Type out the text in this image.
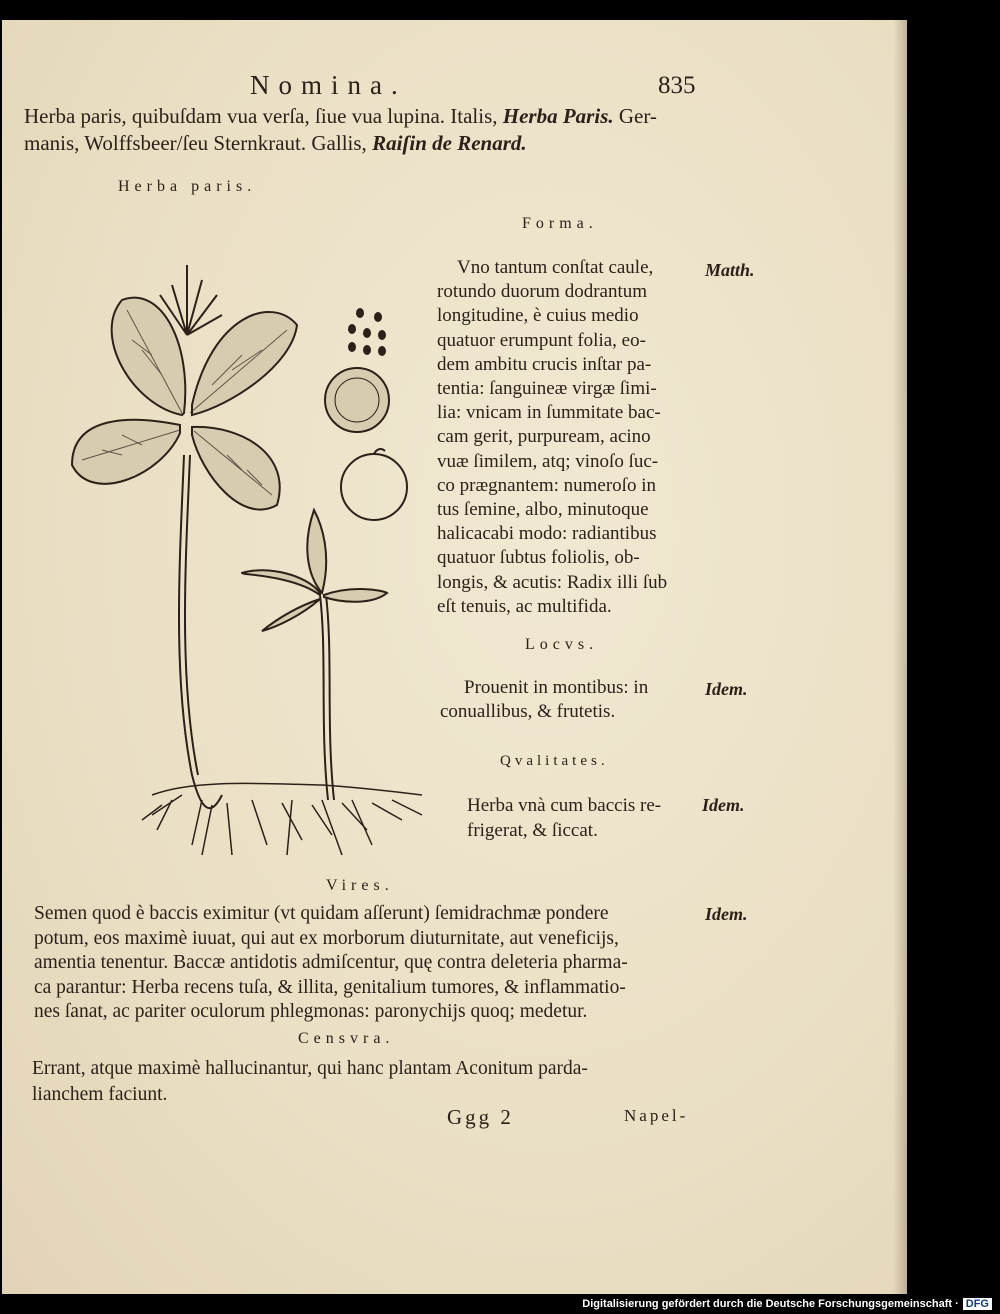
Nomina.	835
Herba paris, quibuſdam vua verſa, ſiue vua lupina. Italis, Herba Paris. Ger-
manis, Wolffsbeer/ſeu Sternkraut. Gallis, Raiſin de Renard.
Herba paris.
Forma.
Matth.
Vno tantum conſtat caule,
rotundo duorum dodrantum
longitudine, è cuius medio
quatuor erumpunt folia, eo-
dem ambitu crucis inſtar pa-
tentia: ſanguineæ virgæ ſimi-
lia: vnicam in ſummitate bac-
cam gerit, purpuream, acino
vuæ ſimilem, atq; vinoſo ſuc-
co prægnantem: numeroſo in
tus ſemine, albo, minutoque
halicacabi modo: radiantibus
quatuor ſubtus foliolis, ob-
longis, & acutis: Radix illi ſub
eſt tenuis, ac multifida.
Locvs.
Idem.
Prouenit in montibus: in
conuallibus, & frutetis.
Qvalitates.
Idem.
Herba vnà cum baccis re-
frigerat, & ſiccat.
Vires.
Idem.
Semen quod è baccis eximitur (vt quidam aſſerunt) ſemidrachmæ pondere
potum, eos maximè iuuat, qui aut ex morborum diuturnitate, aut veneficijs,
amentia tenentur. Baccæ antidotis admiſcentur, quę contra deleteria pharma-
ca parantur: Herba recens tuſa, & illita, genitalium tumores, & inflammatio-
nes ſanat, ac pariter oculorum phlegmonas: paronychijs quoq; medetur.
Censvra.
Errant, atque maximè hallucinantur, qui hanc plantam Aconitum parda-
lianchem faciunt.
Ggg 2	Napel-
Digitalisierung gefördert durch die Deutsche Forschungsgemeinschaft · DFG
